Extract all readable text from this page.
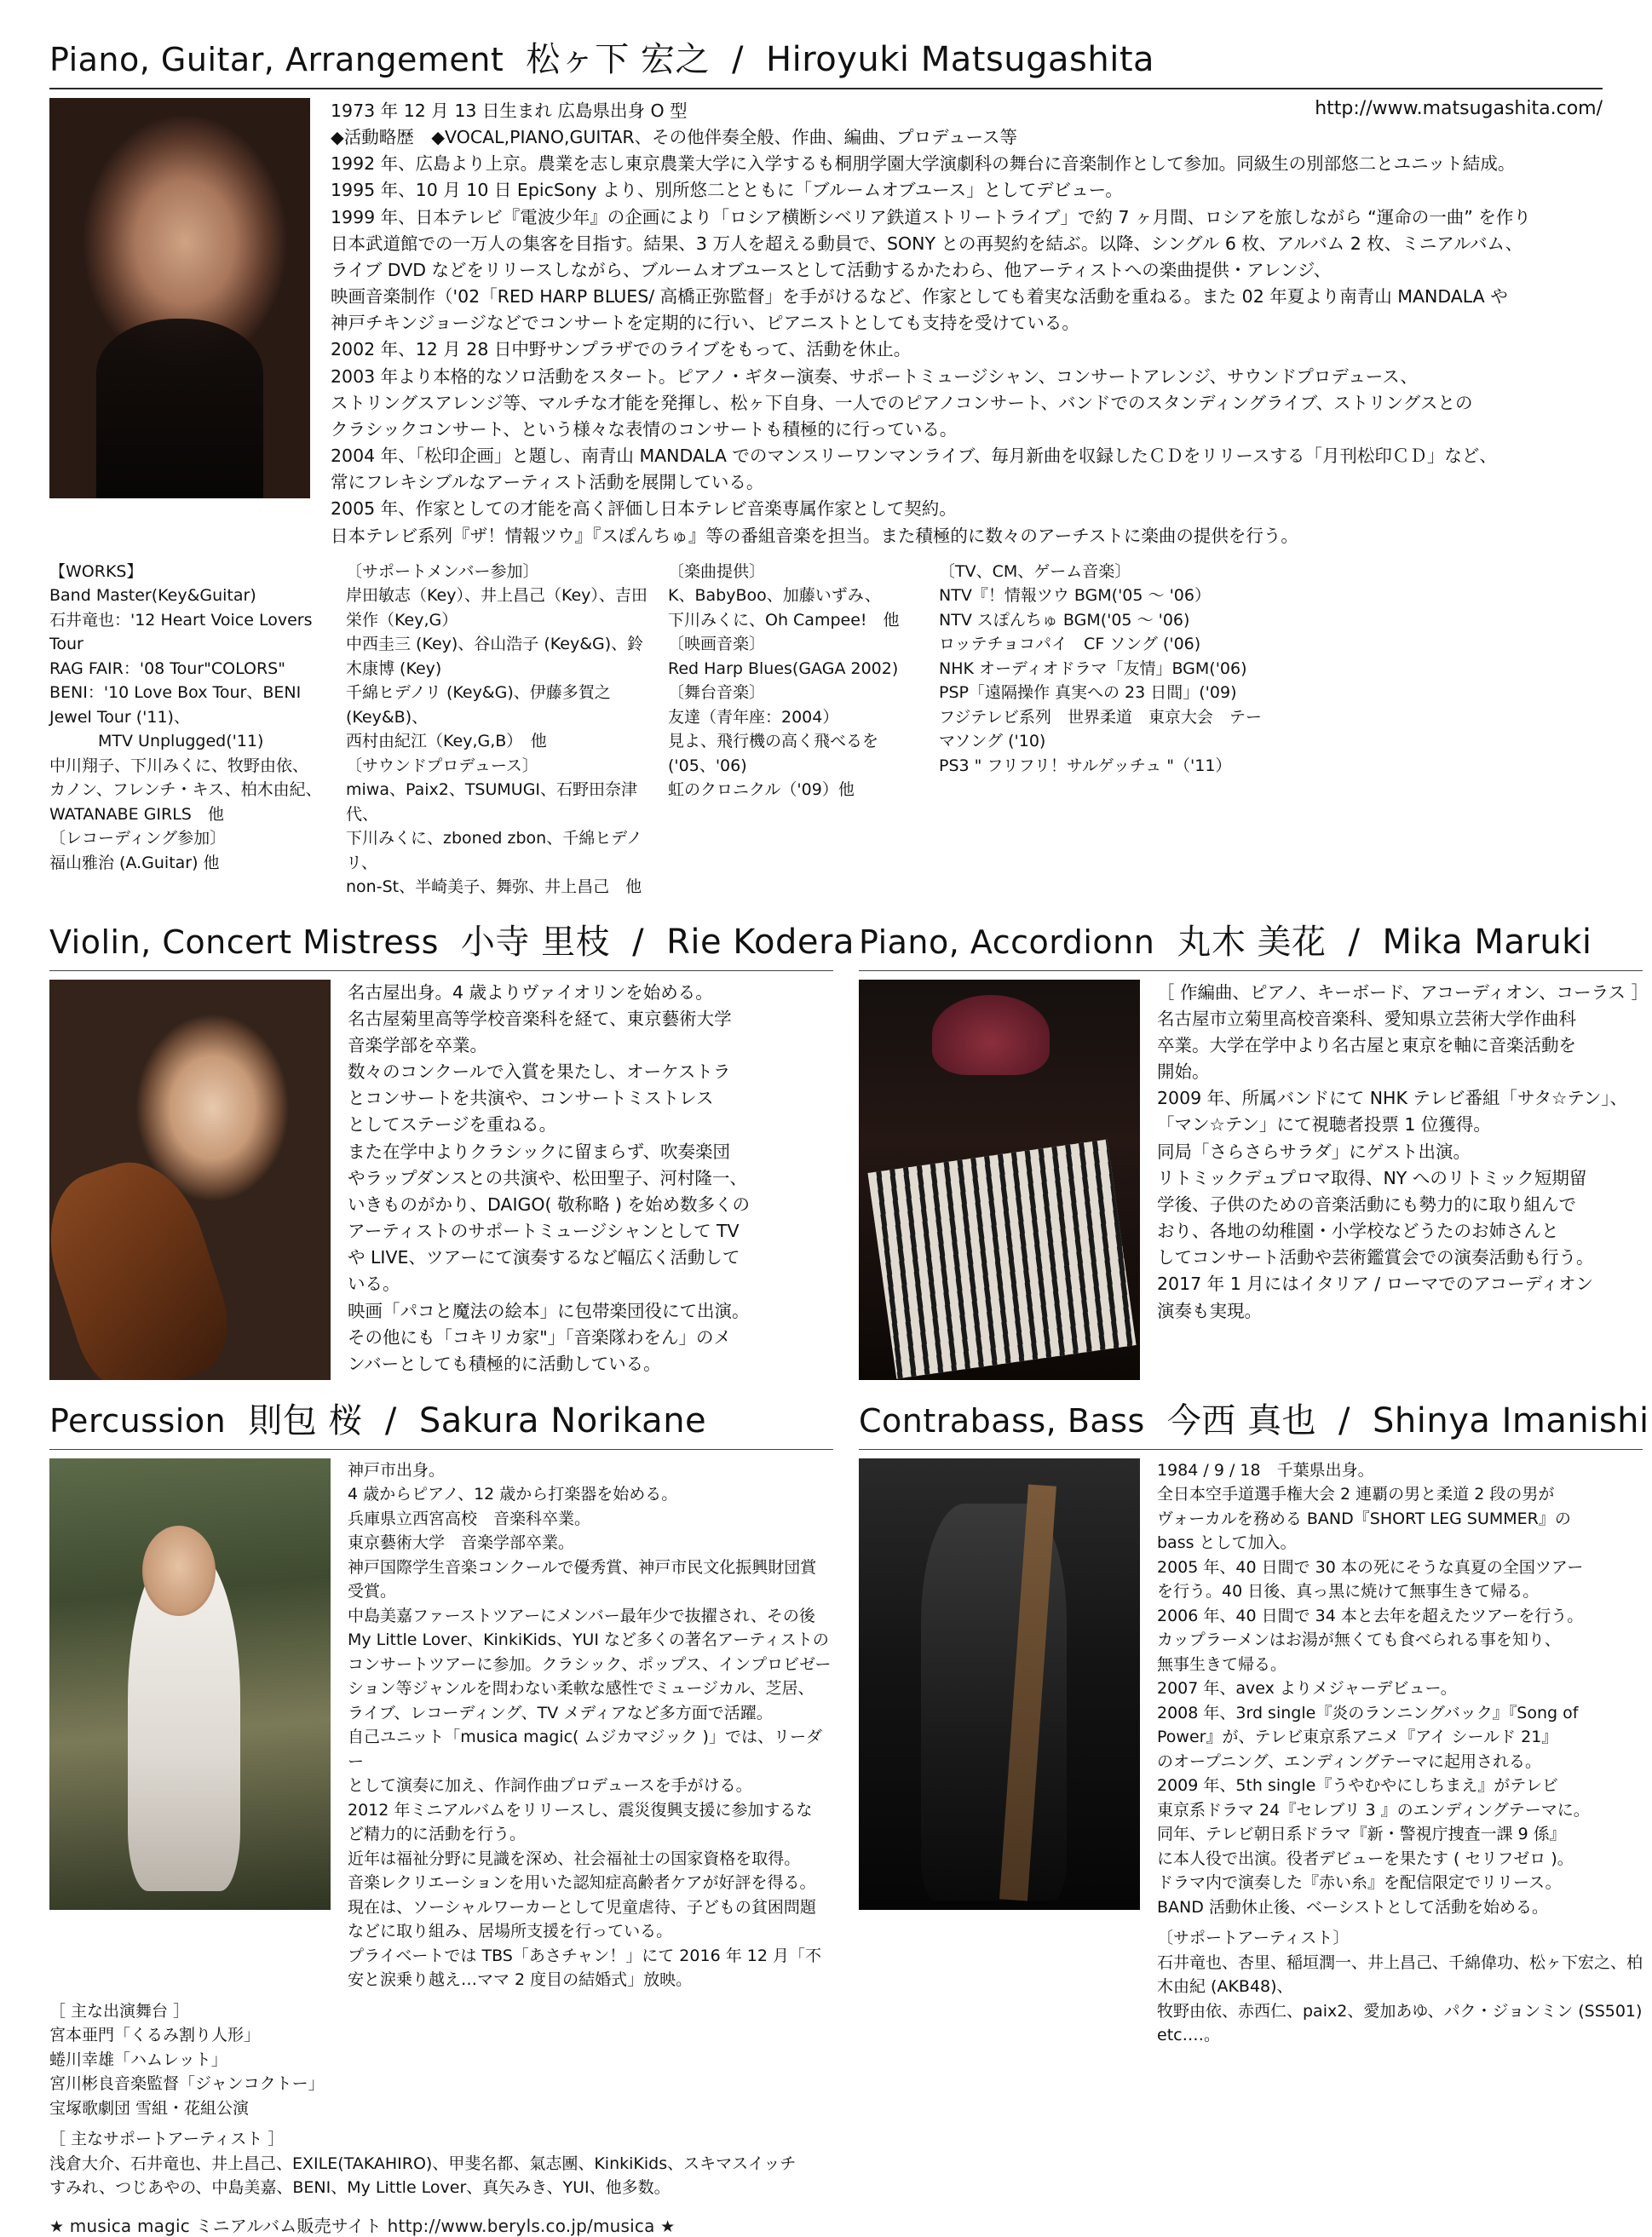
Piano, Guitar, Arrangement 松ヶ下 宏之 / Hiroyuki Matsugashita

1973 年 12 月 13 日生まれ 広島県出身 O 型	http://www.matsugashita.com/

◆活動略歴　◆VOCAL,PIANO,GUITAR、その他伴奏全般、作曲、編曲、プロデュース等

1992 年、広島より上京。農業を志し東京農業大学に入学するも桐朋学園大学演劇科の舞台に音楽制作として参加。同級生の別部悠二とユニット結成。

1995 年、10 月 10 日 EpicSony より、別所悠二とともに「ブルームオブユース」としてデビュー。

1999 年、日本テレビ『電波少年』の企画により「ロシア横断シベリア鉄道ストリートライブ」で約 7 ヶ月間、ロシアを旅しながら “運命の一曲” を作り

日本武道館での一万人の集客を目指す。結果、3 万人を超える動員で、SONY との再契約を結ぶ。以降、シングル 6 枚、アルバム 2 枚、ミニアルバム、

ライブ DVD などをリリースしながら、ブルームオブユースとして活動するかたわら、他アーティストへの楽曲提供・アレンジ、

映画音楽制作（'02「RED HARP BLUES/ 高橋正弥監督」を手がけるなど、作家としても着実な活動を重ねる。また 02 年夏より南青山 MANDALA や

神戸チキンジョージなどでコンサートを定期的に行い、ピアニストとしても支持を受けている。

2002 年、12 月 28 日中野サンプラザでのライブをもって、活動を休止。

2003 年より本格的なソロ活動をスタート。ピアノ・ギター演奏、サポートミュージシャン、コンサートアレンジ、サウンドプロデュース、

ストリングスアレンジ等、マルチな才能を発揮し、松ヶ下自身、一人でのピアノコンサート、バンドでのスタンディングライブ、ストリングスとの

クラシックコンサート、という様々な表情のコンサートも積極的に行っている。

2004 年、「松印企画」と題し、南青山 MANDALA でのマンスリーワンマンライブ、毎月新曲を収録したＣＤをリリースする「月刊松印ＣＤ」など、

常にフレキシブルなアーティスト活動を展開している。

2005 年、作家としての才能を高く評価し日本テレビ音楽専属作家として契約。

日本テレビ系列『ザ！情報ツウ』『スぽんちゅ』等の番組音楽を担当。また積極的に数々のアーチストに楽曲の提供を行う。

【WORKS】

Band Master(Key&Guitar)

石井竜也：'12 Heart Voice Lovers Tour

RAG FAIR：'08 Tour"COLORS"

BENI：'10 Love Box Tour、BENI Jewel Tour ('11)、

　　　MTV Unplugged('11)

中川翔子、下川みくに、牧野由依、

カノン、フレンチ・キス、柏木由紀、

WATANABE GIRLS　他

〔レコーディング参加〕

福山雅治 (A.Guitar) 他

〔サポートメンバー参加〕

岸田敏志（Key）、井上昌己（Key）、吉田栄作（Key,G）

中西圭三 (Key)、谷山浩子 (Key&G)、鈴木康博 (Key)

千綿ヒデノリ (Key&G)、伊藤多賀之 (Key&B)、

西村由紀江（Key,G,B）　他

〔サウンドプロデュース〕

miwa、Paix2、TSUMUGI、石野田奈津代、

下川みくに、zboned zbon、千綿ヒデノリ、

non-St、半崎美子、舞弥、井上昌己　他

〔楽曲提供〕

K、BabyBoo、加藤いずみ、

下川みくに、Oh Campee!　他

〔映画音楽〕

Red Harp Blues(GAGA 2002)

〔舞台音楽〕

友達（青年座：2004）

見よ、飛行機の高く飛べるを ('05、'06)

虹のクロニクル（'09）他

〔TV、CM、ゲーム音楽〕

NTV『！情報ツウ BGM('05 〜 '06）

NTV スぽんちゅ BGM('05 〜 '06)

ロッテチョコパイ　CF ソング ('06)

NHK オーディオドラマ「友情」BGM('06)

PSP「遠隔操作 真実への 23 日間」('09)

フジテレビ系列　世界柔道　東京大会　テーマソング ('10)

PS3 " フリフリ！サルゲッチュ "（'11）

Violin, Concert Mistress 小寺 里枝 / Rie Kodera

名古屋出身。4 歳よりヴァイオリンを始める。

名古屋菊里高等学校音楽科を経て、東京藝術大学

音楽学部を卒業。

数々のコンクールで入賞を果たし、オーケストラ

とコンサートを共演や、コンサートミストレス

としてステージを重ねる。

また在学中よりクラシックに留まらず、吹奏楽団

やラップダンスとの共演や、松田聖子、河村隆一、

いきものがかり、DAIGO( 敬称略 ) を始め数多くの

アーティストのサポートミュージシャンとして TV

や LIVE、ツアーにて演奏するなど幅広く活動して

いる。

映画「パコと魔法の絵本」に包帯楽団役にて出演。

その他にも「コキリカ家"」「音楽隊わをん」のメ

ンバーとしても積極的に活動している。

Piano, Accordionn 丸木 美花 / Mika Maruki

［ 作編曲、ピアノ、キーボード、アコーディオン、コーラス ］

名古屋市立菊里高校音楽科、愛知県立芸術大学作曲科

卒業。大学在学中より名古屋と東京を軸に音楽活動を

開始。

2009 年、所属バンドにて NHK テレビ番組「サタ☆テン」、

「マン☆テン」にて視聴者投票 1 位獲得。

同局「さらさらサラダ」にゲスト出演。

リトミックデュプロマ取得、NY へのリトミック短期留

学後、子供のための音楽活動にも勢力的に取り組んで

おり、各地の幼稚園・小学校などうたのお姉さんと

してコンサート活動や芸術鑑賞会での演奏活動も行う。

2017 年 1 月にはイタリア / ローマでのアコーディオン

演奏も実現。

Percussion 則包 桜 / Sakura Norikane

神戸市出身。

4 歳からピアノ、12 歳から打楽器を始める。

兵庫県立西宮高校　音楽科卒業。

東京藝術大学　音楽学部卒業。

神戸国際学生音楽コンクールで優秀賞、神戸市民文化振興財団賞

受賞。

中島美嘉ファーストツアーにメンバー最年少で抜擢され、その後

My Little Lover、KinkiKids、YUI など多くの著名アーティストの

コンサートツアーに参加。クラシック、ポップス、インプロビゼー

ション等ジャンルを問わない柔軟な感性でミュージカル、芝居、

ライブ、レコーディング、TV メディアなど多方面で活躍。

自己ユニット「musica magic( ムジカマジック )」では、リーダー

として演奏に加え、作詞作曲プロデュースを手がける。

2012 年ミニアルバムをリリースし、震災復興支援に参加するな

ど精力的に活動を行う。

近年は福祉分野に見識を深め、社会福祉士の国家資格を取得。

音楽レクリエーションを用いた認知症高齢者ケアが好評を得る。

現在は、ソーシャルワーカーとして児童虐待、子どもの貧困問題

などに取り組み、居場所支援を行っている。

プライベートでは TBS「あさチャン！」にて 2016 年 12 月「不

安と涙乗り越え…ママ 2 度目の結婚式」放映。

［ 主な出演舞台 ］

宮本亜門「くるみ割り人形」

蜷川幸雄「ハムレット」

宮川彬良音楽監督「ジャンコクトー」

宝塚歌劇団 雪組・花組公演

［ 主なサポートアーティスト ］

浅倉大介、石井竜也、井上昌己、EXILE(TAKAHIRO)、甲斐名都、氣志團、KinkiKids、スキマスイッチ

すみれ、つじあやの、中島美嘉、BENI、My Little Lover、真矢みき、YUI、他多数。

Contrabass, Bass 今西 真也 / Shinya Imanishi

1984 / 9 / 18　千葉県出身。

全日本空手道選手権大会 2 連覇の男と柔道 2 段の男が

ヴォーカルを務める BAND『SHORT LEG SUMMER』の

bass として加入。

2005 年、40 日間で 30 本の死にそうな真夏の全国ツアー

を行う。40 日後、真っ黒に焼けて無事生きて帰る。

2006 年、40 日間で 34 本と去年を超えたツアーを行う。

カップラーメンはお湯が無くても食べられる事を知り、

無事生きて帰る。

2007 年、avex よりメジャーデビュー。

2008 年、3rd single『炎のランニングバック』『Song of

Power』が、テレビ東京系アニメ『アイ シールド 21』

のオープニング、エンディングテーマに起用される。

2009 年、5th single『うやむやにしちまえ』がテレビ

東京系ドラマ 24『セレブリ 3 』のエンディングテーマに。

同年、テレビ朝日系ドラマ『新・警視庁捜査一課 9 係』

に本人役で出演。役者デビューを果たす ( セリフゼロ )。

ドラマ内で演奏した『赤い糸』を配信限定でリリース。

BAND 活動休止後、ベーシストとして活動を始める。

〔サポートアーティスト〕

石井竜也、杏里、稲垣潤一、井上昌己、千綿偉功、松ヶ下宏之、柏木由紀 (AKB48)、

牧野由依、赤西仁、paix2、愛加あゆ、パク・ジョンミン (SS501) etc‥‥。

★ musica magic ミニアルバム販売サイト http://www.beryls.co.jp/musica ★
